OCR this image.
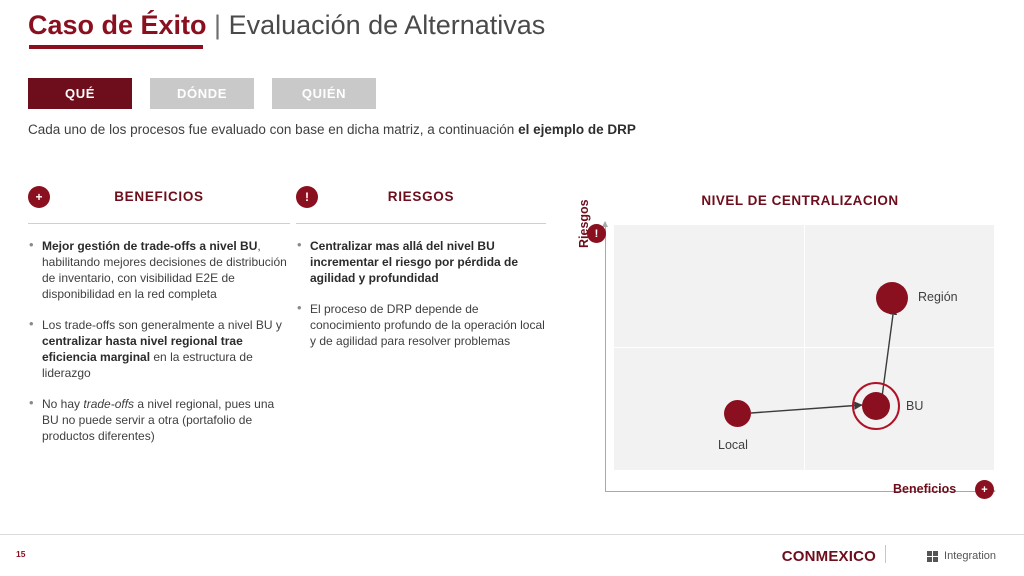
Caso de Éxito | Evaluación de Alternativas
QUÉ	DÓNDE	QUIÉN
Cada uno de los procesos fue evaluado con base en dicha matriz, a continuación el ejemplo de DRP
+	BENEFICIOS
• Mejor gestión de trade-offs a nivel BU, habilitando mejores decisiones de distribución de inventario, con visibilidad E2E de disponibilidad en la red completa
• Los trade-offs son generalmente a nivel BU y centralizar hasta nivel regional trae eficiencia marginal en la estructura de liderazgo
• No hay trade-offs a nivel regional, pues una BU no puede servir a otra (portafolio de productos diferentes)
!	RIESGOS
• Centralizar mas allá del nivel BU incrementar el riesgo por pérdida de agilidad y profundidad
• El proceso de DRP depende de conocimiento profundo de la operación local y de agilidad para resolver problemas
NIVEL DE CENTRALIZACION
!
Riesgos
Beneficios	+
Local
BU
Región
15	CONMEXICO	Integration
